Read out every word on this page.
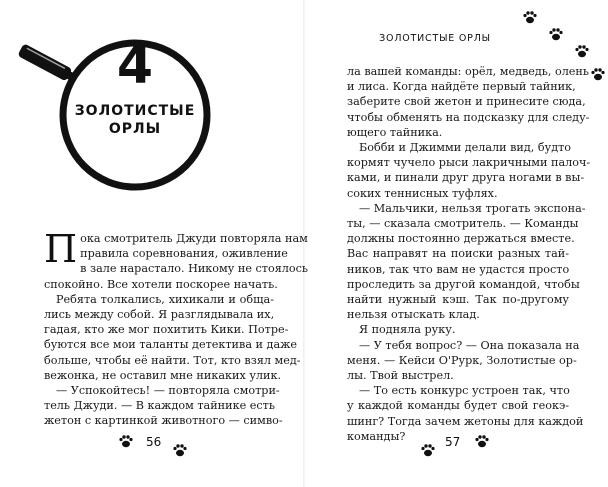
4
ЗОЛОТИСТЫЕ
ОРЛЫ
П ока смотритель Джуди повторяла нам
правила соревнования, оживление
в зале нарастало. Никому не стоялось
спокойно. Все хотели поскорее начать.
Ребята толкались, хихикали и обща-
лись между собой. Я разглядывала их,
гадая, кто же мог похитить Кики. Потре-
буются все мои таланты детектива и даже
больше, чтобы её найти. Тот, кто взял мед-
вежонка, не оставил мне никаких улик.
— Успокойтесь! — повторяла смотри-
тель Джуди. — В каждом тайнике есть
жетон с картинкой животного — симво-
56
ЗОЛОТИСТЫЕ ОРЛЫ
ла вашей команды: орёл, медведь, олень
и лиса. Когда найдёте первый тайник,
заберите свой жетон и принесите сюда,
чтобы обменять на подсказку для следу-
ющего тайника.
Бобби и Джимми делали вид, будто
кормят чучело рыси лакричными палоч-
ками, и пинали друг друга ногами в вы-
соких теннисных туфлях.
— Мальчики, нельзя трогать экспона-
ты, — сказала смотритель. — Команды
должны постоянно держаться вместе.
Вас направят на поиски разных тай-
ников, так что вам не удастся просто
проследить за другой командой, чтобы
найти нужный кэш. Так по-другому
нельзя отыскать клад.
Я подняла руку.
— У тебя вопрос? — Она показала на
меня. — Кейси О'Рурк, Золотистые ор-
лы. Твой выстрел.
— То есть конкурс устроен так, что
у каждой команды будет свой геокэ-
шинг? Тогда зачем жетоны для каждой
команды?	57
